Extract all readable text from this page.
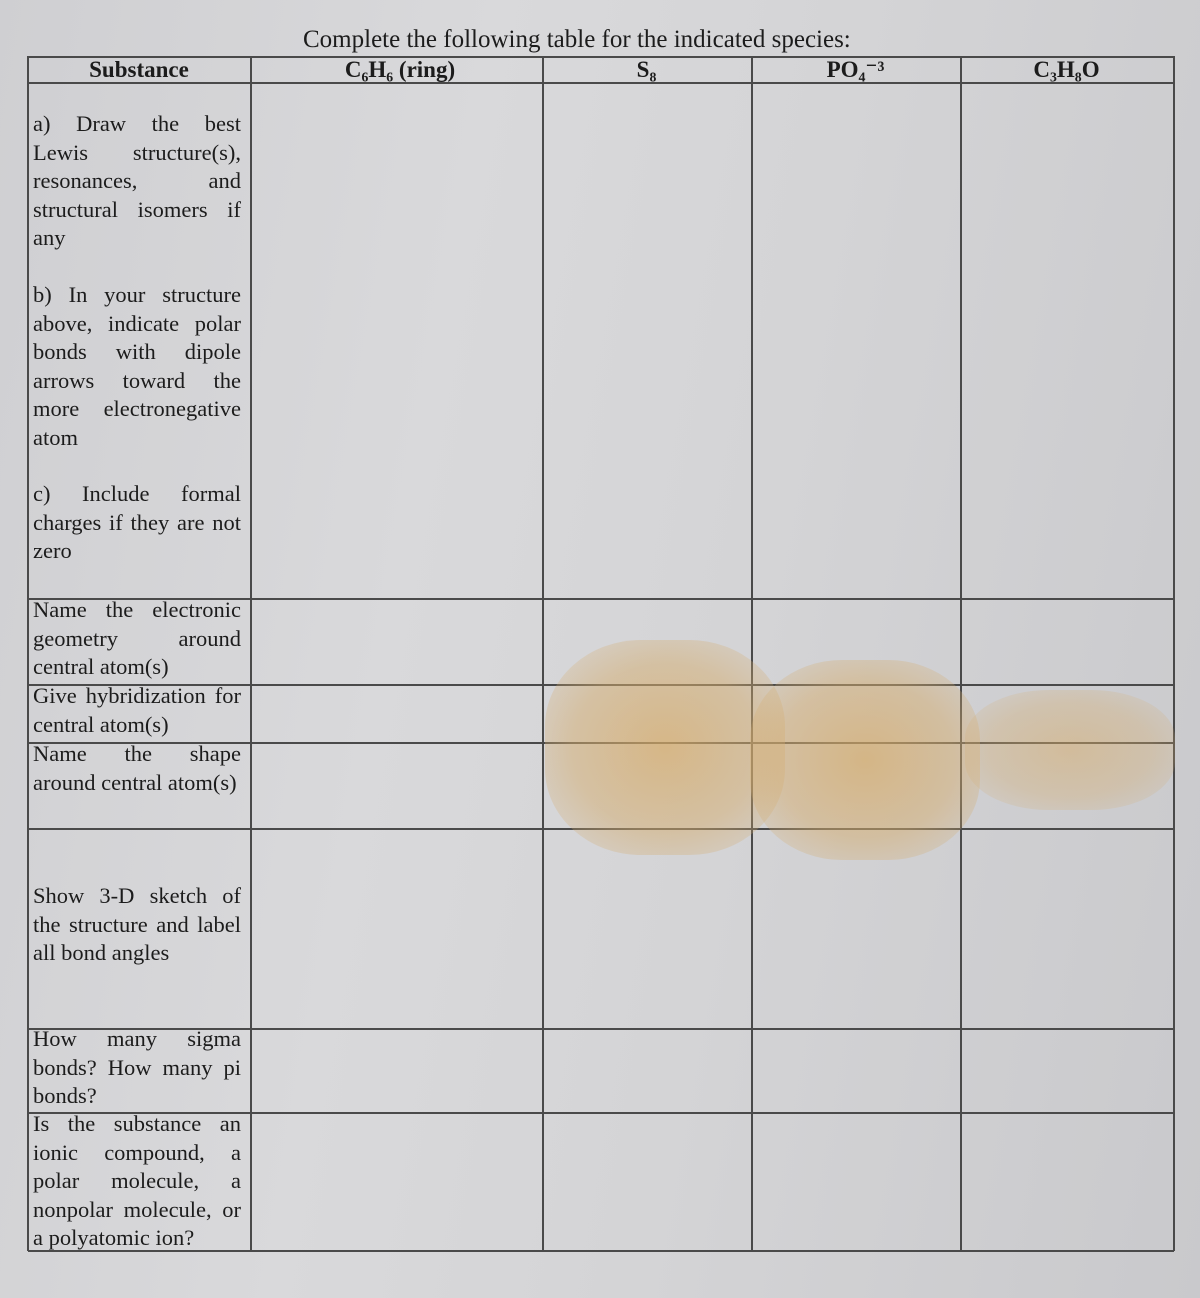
Complete the following table for the indicated species:
Substance	C₆H₆ (ring)	S₈	PO₄⁻³	C₃H₈O
a) Draw the best Lewis structure(s), resonances, and structural isomers if any
b) In your structure above, indicate polar bonds with dipole arrows toward the more electronegative atom
c) Include formal charges if they are not zero
Name the electronic geometry around central atom(s)
Give hybridization for central atom(s)
Name the shape around central atom(s)
Show 3-D sketch of the structure and label all bond angles
How many sigma bonds? How many pi bonds?
Is the substance an ionic compound, a polar molecule, a nonpolar molecule, or a polyatomic ion?
